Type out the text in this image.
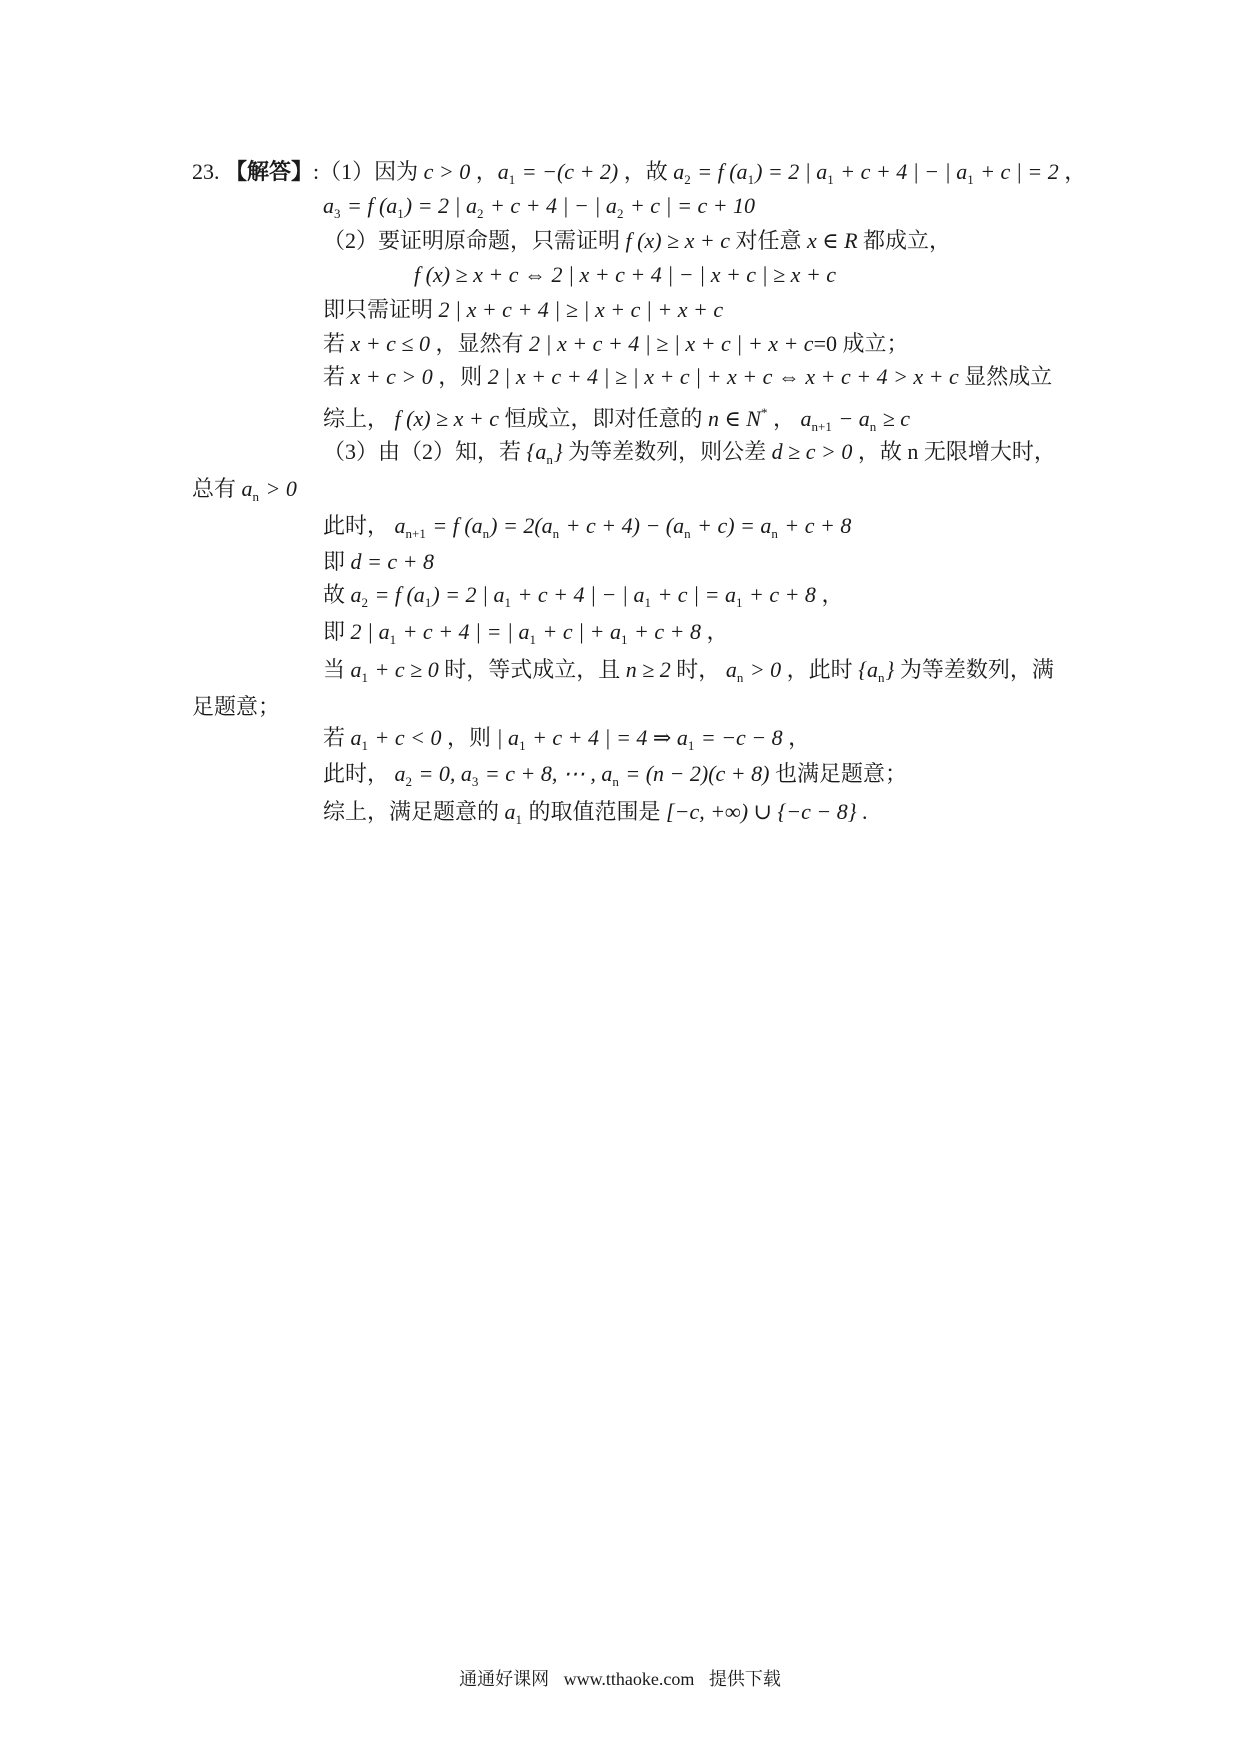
23. 【解答】:（1）因为 c > 0 ，$a_1 = -(c + 2)$ ，故 $a_2 = f$ $(a_1) = 2$ | $a_1 + c + 4$ | − | $a_1 + c$ | = 2 ，
$a_3 = f$ $(a_1) = 2$ | $a_2 + c + 4$ | − | $a_2 + c$ | = c + 10
（2）要证明原命题，只需证明 f (x) ≥ x + c 对任意 x ∈ R 都成立，
f (x) ≥ x + c ⇔ 2 | x + c + 4 | − | x + c | ≥ x + c
即只需证明 2 | x + c + 4 | ≥ | x + c | + x + c
若 x + c ≤ 0 ，显然有 2 | x + c + 4 | ≥ | x + c | + x + c=0 成立；
若 x + c > 0 ，则 2 | x + c + 4 | ≥ | x + c | + x + c ⇔ x + c + 4 > x + c 显然成立
综上， f (x) ≥ x + c 恒成立，即对任意的 n ∈ N* ， $a_{n+1} - a_n \ge c$
（3）由（2）知，若 $\{a_n\}$ 为等差数列，则公差 d ≥ c > 0 ，故 n 无限增大时，
总有 $a_n > 0$
此时， $a_{n+1} = f$ $(a_n) = 2(a_n + c + 4) - (a_n + c) = a_n + c + 8$
即 d = c + 8
故 $a_2 = f$ $(a_1) = 2$ | $a_1 + c + 4$ | − | $a_1 + c$ | = $a_1 + c + 8$ ，
即 2 | $a_1 + c + 4$ | = | $a_1 + c$ | + $a_1 + c + 8$ ，
当 $a_1 + c \ge 0$ 时，等式成立，且 n ≥ 2 时， $a_n > 0$ ，此时 $\{a_n\}$ 为等差数列，满
足题意；
若 $a_1 + c < 0$ ，则 | $a_1 + c + 4$ | = 4 ⇒ $a_1 = -c - 8$ ，
此时， $a_2 = 0$, $a_3 = c + 8$, ⋯ , $a_n = (n - 2)(c + 8)$ 也满足题意；
综上，满足题意的 $a_1$ 的取值范围是 [−c, +∞) ∪ {−c − 8} .
通通好课网 www.tthaoke.com 提供下载
